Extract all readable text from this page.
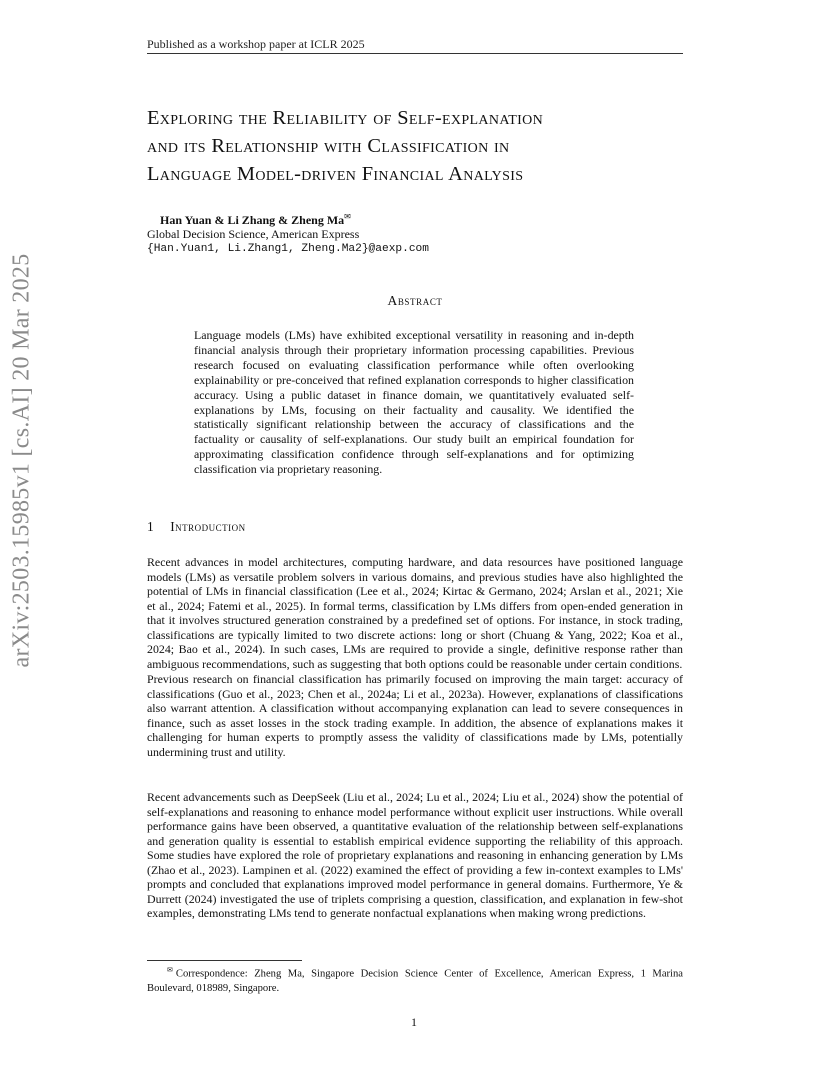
Published as a workshop paper at ICLR 2025
arXiv:2503.15985v1 [cs.AI] 20 Mar 2025
Exploring the Reliability of Self-explanation
and its Relationship with Classification in
Language Model-driven Financial Analysis
Han Yuan & Li Zhang & Zheng Ma✉
Global Decision Science, American Express
{Han.Yuan1, Li.Zhang1, Zheng.Ma2}@aexp.com
Abstract
Language models (LMs) have exhibited exceptional versatility in reasoning and in-depth financial analysis through their proprietary information processing capabilities. Previous research focused on evaluating classification performance while often overlooking explainability or pre-conceived that refined explanation corresponds to higher classification accuracy. Using a public dataset in finance domain, we quantitatively evaluated self-explanations by LMs, focusing on their factuality and causality. We identified the statistically significant relationship between the accuracy of classifications and the factuality or causality of self-explanations. Our study built an empirical foundation for approximating classification confidence through self-explanations and for optimizing classification via proprietary reasoning.
1 Introduction
Recent advances in model architectures, computing hardware, and data resources have positioned language models (LMs) as versatile problem solvers in various domains, and previous studies have also highlighted the potential of LMs in financial classification (Lee et al., 2024; Kirtac & Germano, 2024; Arslan et al., 2021; Xie et al., 2024; Fatemi et al., 2025). In formal terms, classification by LMs differs from open-ended generation in that it involves structured generation constrained by a predefined set of options. For instance, in stock trading, classifications are typically limited to two discrete actions: long or short (Chuang & Yang, 2022; Koa et al., 2024; Bao et al., 2024). In such cases, LMs are required to provide a single, definitive response rather than ambiguous recommendations, such as suggesting that both options could be reasonable under certain conditions.
Previous research on financial classification has primarily focused on improving the main target: accuracy of classifications (Guo et al., 2023; Chen et al., 2024a; Li et al., 2023a). However, explanations of classifications also warrant attention. A classification without accompanying explanation can lead to severe consequences in finance, such as asset losses in the stock trading example. In addition, the absence of explanations makes it challenging for human experts to promptly assess the validity of classifications made by LMs, potentially undermining trust and utility.
Recent advancements such as DeepSeek (Liu et al., 2024; Lu et al., 2024; Liu et al., 2024) show the potential of self-explanations and reasoning to enhance model performance without explicit user instructions. While overall performance gains have been observed, a quantitative evaluation of the relationship between self-explanations and generation quality is essential to establish empirical evidence supporting the reliability of this approach. Some studies have explored the role of proprietary explanations and reasoning in enhancing generation by LMs (Zhao et al., 2023). Lampinen et al. (2022) examined the effect of providing a few in-context examples to LMs' prompts and concluded that explanations improved model performance in general domains. Furthermore, Ye & Durrett (2024) investigated the use of triplets comprising a question, classification, and explanation in few-shot examples, demonstrating LMs tend to generate nonfactual explanations when making wrong predictions.
✉ Correspondence: Zheng Ma, Singapore Decision Science Center of Excellence, American Express, 1 Marina Boulevard, 018989, Singapore.
1
